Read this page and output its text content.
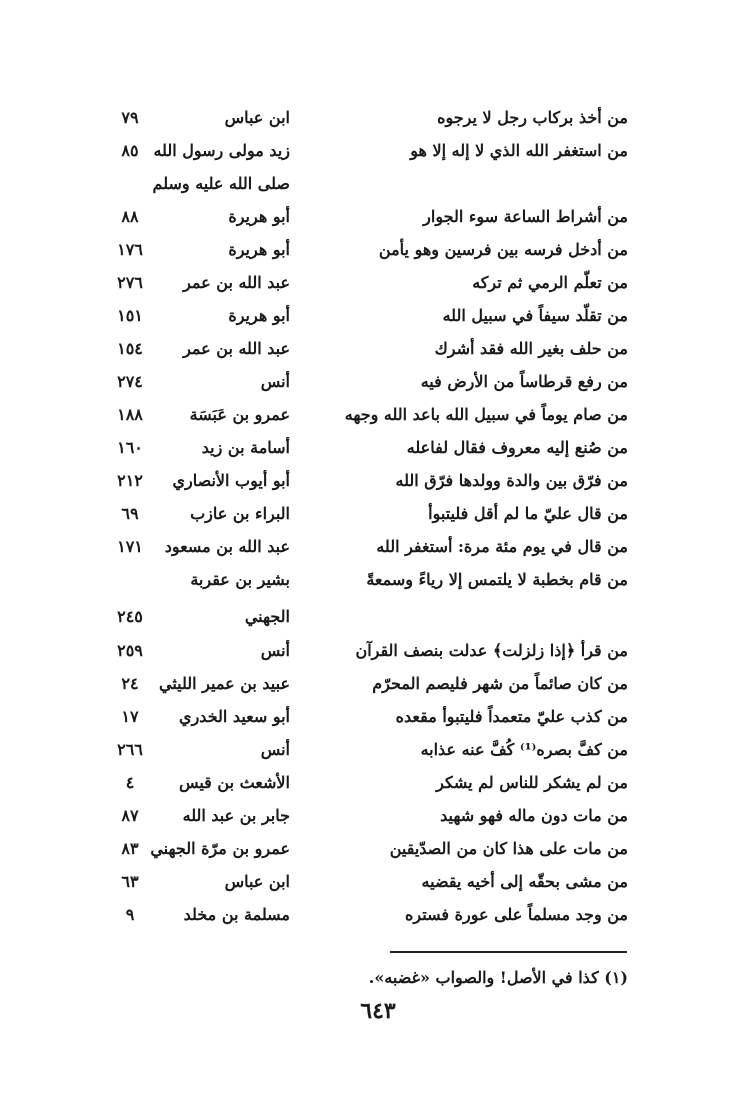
من أخذ بركاب رجل لا يرجوه
ابن عباس
٧٩
من استغفر الله الذي لا إله إلا هو
زيد مولى رسول الله
٨٥
صلى الله عليه وسلم
من أشراط الساعة سوء الجوار
أبو هريرة
٨٨
من أدخل فرسه بين فرسين وهو يأمن
أبو هريرة
١٧٦
من تعلّم الرمي ثم تركه
عبد الله بن عمر
٢٧٦
من تقلّد سيفاً في سبيل الله
أبو هريرة
١٥١
من حلف بغير الله فقد أشرك
عبد الله بن عمر
١٥٤
من رفع قرطاساً من الأرض فيه
أنس
٢٧٤
من صام يوماً في سبيل الله باعد الله وجهه
عمرو بن عَبَسَة
١٨٨
من صُنع إليه معروف فقال لفاعله
أسامة بن زيد
١٦٠
من فرّق بين والدة وولدها فرّق الله
أبو أيوب الأنصاري
٢١٢
من قال عليّ ما لم أقل فليتبوأ
البراء بن عازب
٦٩
من قال في يوم مئة مرة: أستغفر الله
عبد الله بن مسعود
١٧١
من قام بخطبة لا يلتمس إلا رياءً وسمعةً
بشير بن عقربة
الجهني
٢٤٥
من قرأ ﴿إذا زلزلت﴾ عدلت بنصف القرآن
أنس
٢٥٩
من كان صائماً من شهر فليصم المحرّم
عبيد بن عمير الليثي
٢٤
من كذب عليّ متعمداً فليتبوأ مقعده
أبو سعيد الخدري
١٧
من كفَّ بصره⁽¹⁾ كُفَّ عنه عذابه
أنس
٢٦٦
من لم يشكر للناس لم يشكر
الأشعث بن قيس
٤
من مات دون ماله فهو شهيد
جابر بن عبد الله
٨٧
من مات على هذا كان من الصدّيقين
عمرو بن مرّة الجهني
٨٣
من مشى بحقّه إلى أخيه يقضيه
ابن عباس
٦٣
من وجد مسلماً على عورة فستره
مسلمة بن مخلد
٩
(١) كذا في الأصل! والصواب «غضبه».
٦٤٣
